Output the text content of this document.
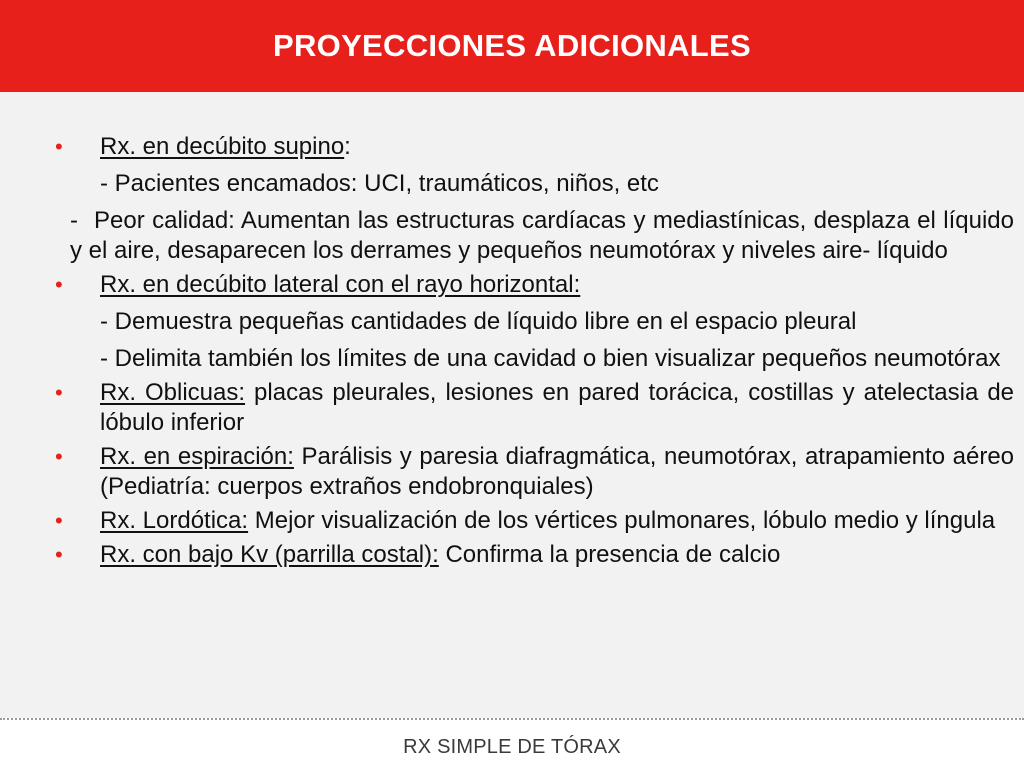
PROYECCIONES ADICIONALES
• Rx. en decúbito supino:
- Pacientes encamados: UCI, traumáticos, niños, etc
- Peor calidad: Aumentan las estructuras cardíacas y mediastínicas, desplaza el líquido y el aire, desaparecen los derrames y pequeños neumotórax y niveles aire- líquido
• Rx. en decúbito lateral con el rayo horizontal:
- Demuestra pequeñas cantidades de líquido libre en el espacio pleural
- Delimita también los límites de una cavidad o bien visualizar pequeños neumotórax
• Rx. Oblicuas: placas pleurales, lesiones en pared torácica, costillas y atelectasia de lóbulo inferior
• Rx. en espiración: Parálisis y paresia diafragmática, neumotórax, atrapamiento aéreo (Pediatría: cuerpos extraños endobronquiales)
• Rx. Lordótica: Mejor visualización de los vértices pulmonares, lóbulo medio y língula
• Rx. con bajo Kv (parrilla costal): Confirma la presencia de calcio
RX SIMPLE DE TÓRAX
